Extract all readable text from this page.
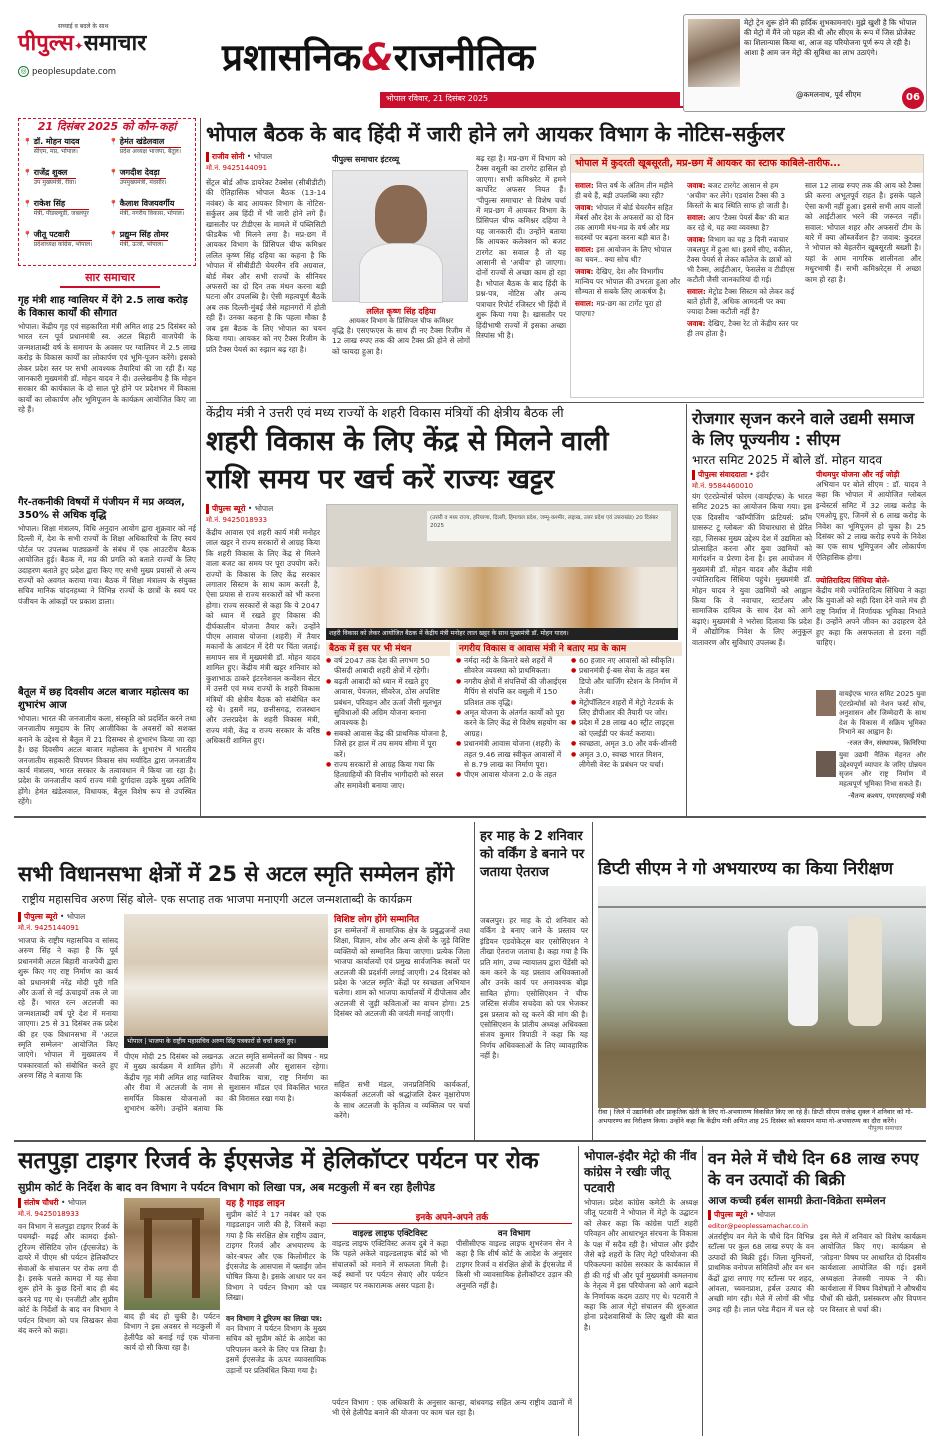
सच्चाई व बदले के साथ
पीपुल्स✦समाचार
◎ peoplesupdate.com	प्रशासनिक&राजनीतिक
भोपाल रविवार, 21 दिसंबर 2025
मेट्रो ट्रेन शुरू होने की हार्दिक शुभकामनाएं। मुझे खुशी है कि भोपाल की मेट्रो में मैंने जो पहल की थी और सीएम के रूप में जिस प्रोजेक्ट का शिलान्यास किया था, आज वह परियोजना पूर्ण रूप ले रही है। आशा है आम जन मेट्रो की सुविधा का लाभ उठाएंगे।
@कमलनाथ, पूर्व सीएम	06
21 दिसंबर 2025 को कौन-कहां
📍 डॉ. मोहन यादव
सीएम, मप्र, भोपाल।
📍 हेमंत खंडेलवाल
प्रदेश अध्यक्ष भाजपा, बैतूल।
📍 राजेंद्र शुक्ल
उप मुख्यमंत्री, रीवा।
📍 जगदीश देवड़ा
उपमुख्यमंत्री, मंदसौर।
📍 राकेश सिंह
मंत्री, पीडब्ल्यूडी, जबलपुर
📍 कैलाश विजयवर्गीय
मंत्री, नगरीय विकास, भोपाल।
📍 जीतू पटवारी
प्रदेशाध्यक्ष कांग्रेस, भोपाल।
📍 प्रद्युम्न सिंह तोमर
मंत्री, ऊर्जा, भोपाल।
सार समाचार
गृह मंत्री शाह ग्वालियर में देंगे 2.5 लाख करोड़ के विकास कार्यों की सौगात
भोपाल। केंद्रीय गृह एवं सहकारिता मंत्री अमित शाह 25 दिसंबर को भारत रत्न पूर्व प्रधानमंत्री स्व. अटल बिहारी वाजपेयी के जन्मशताब्दी वर्ष के समापन के अवसर पर ग्वालियर में 2.5 लाख करोड़ के विकास कार्यों का लोकार्पण एवं भूमि-पूजन करेंगे। इसको लेकर प्रदेश स्तर पर सभी आवश्यक तैयारियां की जा रही हैं। यह जानकारी मुख्यमंत्री डॉ. मोहन यादव ने दी। उल्लेखनीय है कि मोहन सरकार की कार्यकाल के दो साल पूरे होने पर प्रदेशभर में विकास कार्यों का लोकार्पण और भूमिपूजन के कार्यक्रम आयोजित किए जा रहे हैं।
गैर-तकनीकी विषयों में पंजीयन में मप्र अव्वल, 350% से अधिक वृद्धि
भोपाल। शिक्षा मंत्रालय, विधि अनुदान आयोग द्वारा शुक्रवार को नई दिल्ली में, देश के सभी राज्यों के शिक्षा अधिकारियों के लिए स्वयं पोर्टल पर उपलब्ध पाठ्यक्रमों के संबंध में एक आउटरीच बैठक आयोजित हुई। बैठक में, मप्र की प्रगति को बताते राज्यों के लिए उदाहरण बताते हुए प्रदेश द्वारा किए गए सभी मुख्य प्रयासों से अन्य राज्यों को अवगत कराया गया। बैठक में शिक्षा मंत्रालय के संयुक्त सचिव मानिक चांदनहथ्या ने विभिन्न राज्यों के छात्रों के स्वयं पर पंजीयन के आंकड़ों पर प्रकाश डाला।
बैतूल में छह दिवसीय अटल बाजार महोत्सव का शुभारंभ आज
भोपाल। भारत की जनजातीय कला, संस्कृति को प्रदर्शित करने तथा जनजातीय समुदाय के लिए आजीविका के अवसरों को सशक्त बनाने के उद्देश्य से बैतूल में 21 दिसम्बर से शुभारंभ किया जा रहा है। छह दिवसीय अटल बाजार महोत्सव के शुभारंभ में भारतीय जनजातीय सहकारी विपणन विकास संघ मर्यादित द्वारा जनजातीय कार्य मंत्रालय, भारत सरकार के तत्वावधान में किया जा रहा है। प्रदेश के जनजातीय कार्य राज्य मंत्री दुर्गादास उइके मुख्य अतिथि होंगे। हेमंत खंडेलवाल, विधायक, बैतूल विशेष रूप से उपस्थित रहेंगे।
भोपाल बैठक के बाद हिंदी में जारी होने लगे आयकर विभाग के नोटिस-सर्कुलर
राजीव सोनी • भोपाल
मो.नं. 9425144091
सेंट्रल बोर्ड ऑफ डायरेक्ट टैक्सेस (सीबीडीटी) की ऐतिहासिक भोपाल बैठक (13-14 नवंबर) के बाद आयकर विभाग के नोटिस-सर्कुलर अब हिंदी में भी जारी होने लगे हैं। खासतौर पर टीडीएस के मामले में पब्लिसिटी फीडबैक भी मिलने लगा है। मप्र-छग में आयकर विभाग के प्रिंसिपल चीफ कमिश्नर ललित कृष्ण सिंह दहिया का कहना है कि भोपाल में सीबीडीटी चेयरमैन रवि अग्रवाल, बोर्ड मेंबर और सभी राज्यों के सीनियर अफसरों का दो दिन तक मंथन करना बड़ी घटना और उपलब्धि है। ऐसी महत्वपूर्ण बैठकें अब तक दिल्ली-मुंबई जैसे महानगरों में होती रही हैं। उनका कहना है कि पहला मौका है जब इस बैठक के लिए भोपाल का चयन किया गया। आयकर को नए टैक्स रिजीम के प्रति टैक्स पेयर्स का रुझान बढ़ रहा है।
पीपुल्स समाचार इंटरव्यू
ललित कृष्ण सिंह दहिया
आयकर विभाग के प्रिंसिपल चीफ कमिश्नर
वृद्धि है। एसएफएस के साथ ही नए टैक्स रिजीम में 12 लाख रुपए तक की आय टैक्स फ्री होने से लोगों को फायदा हुआ है।
बढ़ रहा है। मप्र-छग में विभाग को टैक्स वसूली का टारगेट हासिल हो जाएगा। सभी कमिश्नरेट में हमने कार्पोरेट अफसर नियत हैं। 'पीपुल्स समाचार' से विशेष चर्चा में मप्र-छग में आयकर विभाग के प्रिंसिपल चीफ कमिश्नर दहिया ने यह जानकारी दी। उन्होंने बताया कि आयकर कलेक्शन को बजट टारगेट का सवाल है तो यह आसानी से 'अचीव' हो जाएगा। दोनों राज्यों से अच्छा काम हो रहा है। भोपाल बैठक के बाद हिंदी के प्रश्न-पत्र, नोटिस और अन्य पत्राचार रिपोर्ट रजिस्टर भी हिंदी में शुरू किया गया है। खासतौर पर हिंदीभाषी राज्यों में इसका अच्छा रिस्पांस भी है।
भोपाल में कुदरती खूबसूरती, मप्र-छग में आयकर का स्टाफ काबिले-तारीफ...
सवाल: वित्त वर्ष के अंतिम तीन महीने ही बचे हैं, बड़ी उपलब्धि क्या रही?
जवाब: भोपाल में बोर्ड चेयरमैन सहित मेंबर्स और देश के अफसरों का दो दिन तक आगमी मंथ-मप्र के वर्ष और मप्र सदस्यों पर बढ़ना करना बड़ी बात है।
सवाल: इस आयोजन के लिए भोपाल का चयन.. क्या सोच थी?
जवाब: देखिए, देश और विभागीय मान्विय पर भोपाल की उभरता हुआ और सौम्यता से सबके लिए आकर्षण है।
सवाल: मप्र-छग का टार्गेट पूरा हो पाएगा?
जवाब: बजट टारगेट आसान से हम 'अचीव' कर लेंगे। एडवांस टैक्स की 3 किस्तों के बाद स्थिति साफ हो जाती है।
सवाल: आप 'टैक्स पेयर्स बैंक' की बात कर रहे थे, यह क्या व्यवस्था है?
जवाब: विभाग का यह 3 दिनी नवाचार जबलपुर में हुआ था। इसमें सीए, वकील, टैक्स पेयर्स से लेकर कॉलेज के छात्रों को भी टैक्स, आईटीआर, फेसलेस व टीडीएस कटौती जैसी जानकारियां दी गई।
सवाल: मेट्रोड टैक्स सिस्टम को लेकर कई बातें होती हैं, अधिक आमदनी पर क्या ज्यादा टैक्स कटौती नहीं है?
जवाब: देखिए, टैक्स रेट तो केंद्रीय स्तर पर ही तय होता है।
साल 12 लाख रुपए तक की आय को टैक्स फ्री करना अभूतपूर्व राहत है। इसके पहले ऐसा कभी नहीं हुआ। इससे सभी आय वालों को आईटीआर भरने की जरूरत नहीं। सवाल: भोपाल शहर और अफसरों टीम के बारे में क्या ऑब्जर्वेशन है? जवाब: कुदरत ने भोपाल को बेहतरीन खूबसूरती बख्शी है। यहां के आम नागरिक शालीनता और मधुरभाषी हैं। सभी कमिश्नरेट्स में अच्छा काम हो रहा है।
केंद्रीय मंत्री ने उत्तरी एवं मध्य राज्यों के शहरी विकास मंत्रियों की क्षेत्रीय बैठक ली
शहरी विकास के लिए केंद्र से मिलने वाली
राशि समय पर खर्च करें राज्यः खट्टर
पीपुल्स ब्यूरो • भोपाल
मो.नं. 9425018933
केंद्रीय आवास एवं शहरी कार्य मंत्री मनोहर लाल खट्टर ने राज्य सरकारों से आग्रह किया कि शहरी विकास के लिए केंद्र से मिलने वाला बजट का समय पर पूरा उपयोग करें। राज्यों के विकास के लिए केंद्र सरकार लगातार सिस्टम के साथ काम करती है, ऐसा प्रयास से राज्य सरकारों को भी करना होगा। राज्य सरकारों से कहा कि ये 2047 को ध्यान में रखते हुए विकास की दीर्घकालीन योजना तैयार करें। उन्होंने पीएम आवास योजना (शहरी) में तैयार मकानों के आवंटन में देरी पर चिंता जताई। समापन सत्र में मुख्यमंत्री डॉ. मोहन यादव शामिल हुए। केंद्रीय मंत्री खट्टर शनिवार को कुशाभाऊ ठाकरे इंटरनेशनल कन्वेंशन सेंटर में उत्तरी एवं मध्य राज्यों के शहरी विकास मंत्रियों की क्षेत्रीय बैठक को संबोधित कर रहे थे। इसमें मप्र, छत्तीसगढ़, राजस्थान और उत्तरप्रदेश के शहरी विकास मंत्री, राज्य मंत्री, केंद्र व राज्य सरकार के वरिष्ठ अधिकारी शामिल हुए।
(उत्तरी व मध्य राज्य, हरियाणा, दिल्ली, हिमाचल प्रदेश, जम्मू-कश्मीर, लद्दाख, उत्तर प्रदेश एवं उत्तराखंड) 20 दिसंबर 2025
शहरी विकास को लेकर आयोजित बैठक में केंद्रीय मंत्री मनोहर लाल खट्टर के साथ मुख्यमंत्री डॉ. मोहन यादव।
बैठक में इस पर भी मंथन
● वर्ष 2047 तक देश की लगभग 50 फीसदी आबादी शहरी क्षेत्रों में रहेगी।
● बढ़ती आबादी को ध्यान में रखते हुए आवास, पेयजल, सीवरेज, ठोस अपशिष्ट प्रबंधन, परिवहन और ऊर्जा जैसी मूलभूत सुविधाओं की अग्रिम योजना बनाना आवश्यक है।
● सबको आवास केंद्र की प्राथमिक योजना है, जिसे हर हाल में तय समय सीमा में पूरा करें।
● राज्य सरकारों से आग्रह किया गया कि हितग्राहियों की वित्तीय भागीदारी को सरल और समावेशी बनाया जाए।
नगरीय विकास व आवास मंत्री ने बताए मप्र के काम
● नर्मदा नदी के किनारे बसे शहरों में सीवरेज व्यवस्था को प्राथमिकता।
● नगरीय क्षेत्रों में संपत्तियों की जीआईएस मैपिंग से संपत्ति कर वसूली में 150 प्रतिशत तक वृद्धि।
● अमृत योजना के अंतर्गत कार्यों को पूरा करने के लिए केंद्र से विशेष सहयोग का आग्रह।
● प्रधानमंत्री आवास योजना (शहरी) के तहत 9.46 लाख स्वीकृत आवासों में से 8.79 लाख का निर्माण पूरा।
● पीएम आवास योजना 2.0 के तहत
● 60 हजार नए आवासों को स्वीकृति।
● प्रधानमंत्री ई-बस सेवा के तहत बस डिपो और चार्जिंग स्टेशन के निर्माण में तेजी।
● मेट्रोपॉलिटन शहरों में मेट्रो नेटवर्क के लिए डीपीआर की तैयारी पर जोर।
● प्रदेश में 28 लाख 40 स्ट्रीट लाइट्स को एलईडी पर कंवर्ट कराया।
● स्वच्छता, अमृत 3.0 और वर्क-शीनरी
● अमृत 3.0, स्वच्छ भारत मिशन, लीगेसी वेस्ट के प्रबंधन पर चर्चा।
रोजगार सृजन करने वाले उद्यमी समाज के लिए पूज्यनीय : सीएम
भारत समिट 2025 में बोले डॉ. मोहन यादव
पीपुल्स संवाददाता • इंदौर
मो.नं. 9584460010
यंग एंटरप्रेन्योर्स फोरम (वायईएफ) के भारत समिट 2025 का आयोजन किया गया। इस एक दिवसीय 'कॉम्पीजिंग फ्रंटियर्स: फ्रॉम ग्रासरूट टू ग्लोबल' की विचारधारा से प्रेरित रहा, जिसका मुख्य उद्देश्य देश में उद्यमिता को प्रोत्साहित करना और युवा उद्यमियों को मार्गदर्शन व प्रेरणा देना है। इस आयोजन में मुख्यमंत्री डॉ. मोहन यादव और केंद्रीय मंत्री ज्योतिरादित्य सिंधिया पहुंचे। मुख्यमंत्री डॉ. मोहन यादव ने युवा उद्यमियों को आह्वान किया कि वे नवाचार, स्टार्टअप और सामाजिक दायित्व के साथ देश को आगे बढ़ाएं। मुख्यमंत्री ने भरोसा दिलाया कि प्रदेश में औद्योगिक निवेश के लिए अनुकूल वातावरण और सुविधाएं उपलब्ध हैं।
पीथमपुर योजना और नई जोड़ी
अभियान पर बोले सीएम : डॉ. यादव ने कहा कि भोपाल में आयोजित ग्लोबल इन्वेस्टर्स समिट में 32 लाख करोड़ के एमओयू हुए, जिनमें से 6 लाख करोड़ के निवेश का भूमिपूजन हो चुका है। 25 दिसंबर को 2 लाख करोड़ रुपये के निवेश का एक साथ भूमिपूजन और लोकार्पण ऐतिहासिक होगा।
ज्योतिरादित्य सिंधिया बोले-
केंद्रीय मंत्री ज्योतिरादित्य सिंधिया ने कहा कि युवाओं को सही दिशा देने वाले मंच ही राष्ट्र निर्माण में निर्णायक भूमिका निभाते हैं। उन्होंने अपने जीवन का उदाहरण देते हुए कहा कि असफलता से डरना नहीं चाहिए।
वायईएफ भारत समिट 2025 युवा एंटरप्रेन्योर्स को नेशन फर्स्ट सोच, अनुशासन और जिम्मेदारी के साथ देश के विकास में सक्रिय भूमिका निभाने का आह्वान है।
-रजत जैन, संस्थापक, किनिरिया
युवा उद्यमी नैतिक मेहनत और उद्देश्यपूर्ण व्यापार के जरिए ग्रोन्नयन सृजन और राष्ट्र निर्माण में महत्वपूर्ण भूमिका निभा सकते हैं।
-चैतन्य कश्यप, एमएसएमई मंत्री
सभी विधानसभा क्षेत्रों में 25 से अटल स्मृति सम्मेलन होंगे
राष्ट्रीय महासचिव अरुण सिंह बोले- एक सप्ताह तक भाजपा मनाएगी अटल जन्मशताब्दी के कार्यक्रम
पीपुल्स ब्यूरो • भोपाल
मो.नं. 9425144091
भाजपा के राष्ट्रीय महासचिव व सांसद अरुण सिंह ने कहा है कि पूर्व प्रधानमंत्री अटल बिहारी वाजपेयी द्वारा शुरू किए गए राष्ट्र निर्माण का कार्य को प्रधानमंत्री नरेंद्र मोदी पूरी गति और ऊर्जा से नई ऊंचाइयों तक ले जा रहे हैं। भारत रत्न अटलजी का जन्मशताब्दी वर्ष पूरे देश में मनाया जाएगा। 25 से 31 दिसंबर तक प्रदेश की हर एक विधानसभा में 'अटल स्मृति सम्मेलन' आयोजित किए जाएंगे। भोपाल में मुख्यालय में पत्रकारवार्ता को संबोधित करते हुए अरुण सिंह ने बताया कि
भोपाल | भाजपा के राष्ट्रीय महासचिव अरुण सिंह पत्रकारों से चर्चा करते हुए।
पीएम मोदी 25 दिसंबर को लखनऊ में मुख्य कार्यक्रम में शामिल होंगे। केंद्रीय गृह मंत्री अमित शाह ग्वालियर और रीवा में अटलजी के नाम से समर्पित विकास योजनाओं का शुभारंभ करेंगे। उन्होंने बताया कि अटल स्मृति सम्मेलनों का विषय - मप्र में अटलजी और सुशासन रहेगा। वैचारिक यात्रा, राष्ट्र निर्माण का सुशासन मॉडल एवं विकसित भारत की विरासत रखा गया है।
विशिष्ट लोग होंगे सम्मानित
इन सम्मेलनों में सामाजिक क्षेत्र के प्रबुद्धजनों तथा शिक्षा, विज्ञान, शोध और अन्य क्षेत्रों के जुड़े विशिष्ट व्यक्तियों को सम्मानित किया जाएगा। प्रत्येक जिला भाजपा कार्यालयों एवं प्रमुख सार्वजनिक स्थलों पर अटलजी की प्रदर्शनी लगाई जाएगी। 24 दिसंबर को प्रदेश के 'अटल स्मृति' केंद्रों पर स्वच्छता अभियान चलेगा। शाम को भाजपा कार्यालयों में दीपोत्सव और अटलजी से जुड़ी कविताओं का वाचन होगा। 25 दिसंबर को अटलजी की जयंती मनाई जाएगी।
सहित सभी मंडल, जनप्रतिनिधि कार्यकर्ता, कार्यकर्ता अटलजी को श्रद्धांजलि देकर वृक्षारोपण के साथ अटलजी के कृतित्व व व्यक्तित्व पर चर्चा करेंगे।
हर माह के 2 शनिवार को वर्किंग डे बनाने पर जताया ऐतराज
जबलपुर। हर माह के दो शनिवार को वर्किंग डे बनाए जाने के प्रस्ताव पर इंडियन एडवोकेट्स बार एसोसिएशन ने तीखा ऐतराज जताया है। कहा गया है कि प्रति मांग, उच्च न्यायालय द्वारा पेंडेंसी को कम करने के यह प्रस्ताव अधिवक्ताओं और उनके कार्य पर अनावश्यक बोझ साबित होगा। एसोसिएशन ने चीफ जस्टिस संजीव सचदेवा को पत्र भेजकर इस प्रस्ताव को रद्द करने की मांग की है। एसोसिएशन के प्रांतीय अध्यक्ष अधिवक्ता संजय कुमार त्रिपाठी ने कहा कि यह निर्णय अधिवक्ताओं के लिए व्यावहारिक नहीं है।
डिप्टी सीएम ने गो अभयारण्य का किया निरीक्षण
रीवा | जिले में उद्यानिकी और प्राकृतिक खेती के लिए गो-अभयारण्य विकसित किए जा रहे हैं। डिप्टी सीएम राजेन्द्र शुक्ल ने शनिवार को गो-अभयारण्य का निरीक्षण किया। उन्होंने कहा कि केंद्रीय मंत्री अमित शाह 25 दिसंबर को बसामन मामा गो-अभयारण्य का दौरा करेंगे।
पीपुल्स समाचार
सतपुड़ा टाइगर रिजर्व के ईएसजेड में हेलिकॉप्टर पर्यटन पर रोक
सुप्रीम कोर्ट के निर्देश के बाद वन विभाग ने पर्यटन विभाग को लिखा पत्र, अब मटकुली में बन रहा हैलीपेड
संतोष चौधरी • भोपाल
मो.नं. 9425018933
वन विभाग ने सतपुड़ा टाइगर रिजर्व के पचमढ़ी- मढ़ई और कामदा ईको-टूरिज्म सेंसिटिव ज़ोन (ईएसजेड) के दायरे में पीएम श्री पर्यटन हेलिकॉप्टर सेवाओं के संचालन पर रोक लगा दी है। इसके चलते कामदा में यह सेवा शुरू होने के कुछ दिनों बाद ही बंद करने पड़ गए थे। एनजीटी और सुप्रीम कोर्ट के निर्देशों के बाद वन विभाग ने पर्यटन विभाग को पत्र लिखकर सेवा बंद करने को कहा।
बाद ही बंद हो चुकी है। पर्यटन विभाग ने इस अवसर से मटकुली में हेलीपैड को बनाई गई एक योजना कार्य दो सौ किया रहा है।
यह है गाइड लाइन
सुप्रीम कोर्ट ने 17 नवंबर को एक गाइडलाइन जारी की है, जिसमें कहा गया है कि संरक्षित क्षेत्र राष्ट्रीय उद्यान, टाइगर रिजर्व और अभयारण्य के कोर-बफर और एक किलोमीटर के ईएसजेड के आसपास में फ्लाईंग जोन घोषित किया है। इसके आधार पर वन विभाग ने पर्यटन विभाग को पत्र लिखा।
वन विभाग ने टूरिज्म का लिखा पत्र:
वन विभाग ने पर्यटन विभाग के मुख्य सचिव को सुप्रीम कोर्ट के आदेश का परिपालन करने के लिए पत्र लिखा है। इसमें ईएसजेड के ऊपर व्यावसायिक उड़ानों पर प्रतिबंधित किया गया है।
इनके अपने-अपने तर्क
वाइल्ड लाइफ एक्टिविस्ट
वाइल्ड लाइफ एक्टिविस्ट अजय दुबे ने कहा कि पहले अकेले वाइल्डलाइफ बोर्ड को भी संचालकों को मनाने में सफलता मिली है। कई स्थानों पर पर्यटन सेवाएं और पर्यटन व्यवहार पर नकारात्मक असर पड़ता है।
वन विभाग
पीसीसीएफ वाइल्ड लाइफ शुभरंजन सेन ने कहा है कि शीर्ष कोर्ट के आदेश के अनुसार टाइगर रिजर्व व संरक्षित क्षेत्रों के ईएसजेड में किसी भी व्यावसायिक हेलीकॉप्टर उड़ान की अनुमति नहीं है।
पर्यटन विभाग : एक अधिकारी के अनुसार कान्हा, बांधवगढ़ सहित अन्य राष्ट्रीय उद्यानों में भी ऐसे हेलीपैड बनाने की योजना पर काम चल रहा है।
भोपाल-इंदौर मेट्रो की नींव कांग्रेस ने रखीः जीतू पटवारी
भोपाल। प्रदेश कांग्रेस कमेटी के अध्यक्ष जीतू पटवारी ने भोपाल में मेट्रो के उद्घाटन को लेकर कहा कि कांग्रेस पार्टी शहरी परिवहन और आधारभूत संरचना के विकास के पक्ष में सदैव रही है। भोपाल और इंदौर जैसे बड़े शहरों के लिए मेट्रो परियोजना की परिकल्पना कांग्रेस सरकार के कार्यकाल में ही की गई थी और पूर्व मुख्यमंत्री कमलनाथ के नेतृत्व में इस परियोजना को आगे बढ़ाने के निर्णायक कदम उठाए गए थे। पटवारी ने कहा कि आज मेट्रो संचालन की शुरुआत होना प्रदेशवासियों के लिए खुशी की बात है।
वन मेले में चौथे दिन 68 लाख रुपए के वन उत्पादों की बिक्री
आज कच्ची हर्बल सामग्री क्रेता-विक्रेता सम्मेलन
पीपुल्स ब्यूरो • भोपाल
editor@peoplessamachar.co.in
अंतर्राष्ट्रीय वन मेले के चौथे दिन विभिन्न स्टॉल्स पर कुल 68 लाख रुपए के वन उत्पादों की बिक्री हुई। जिला यूनियनों, प्राथमिक वनोपज समितियों और वन धन केंद्रों द्वारा लगाए गए स्टॉल्स पर शहद, आंवला, च्यवनप्राश, हर्बल उत्पाद की अच्छी मांग रही। मेले में लोगों की भीड़ उमड़ रही है। लाल परेड मैदान में चल रहे इस मेले में शनिवार को विशेष कार्यक्रम आयोजित किए गए। कार्यक्रम से 'जोड़ना' विषय पर आधारित दो दिवसीय कार्यशाला आयोजित की गई। इसमें अध्यक्षता तेजस्वी नायक ने की। कार्यशाला में विषय विशेषज्ञों ने औषधीय पौधों की खेती, प्रसंस्करण और विपणन पर विस्तार से चर्चा की।
